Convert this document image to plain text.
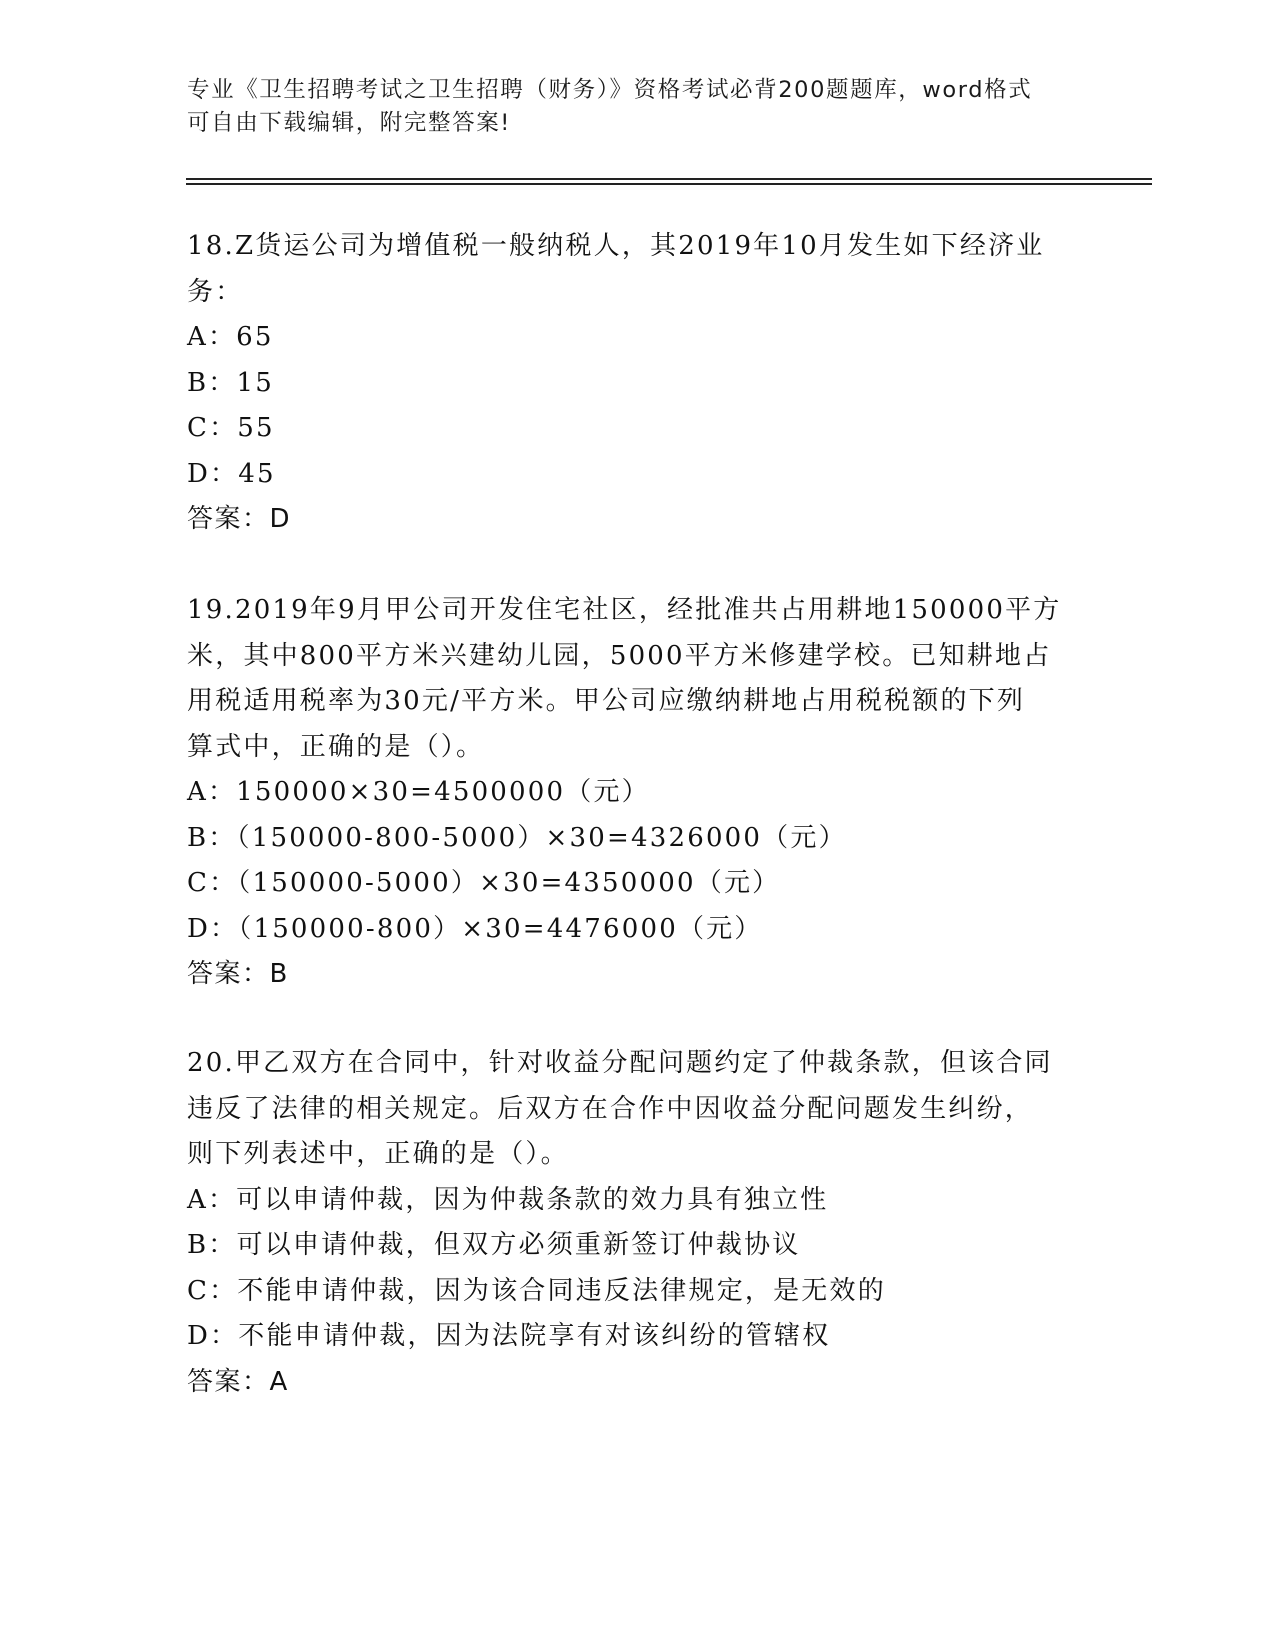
专业《卫生招聘考试之卫生招聘（财务）》资格考试必背200题题库，word格式
可自由下载编辑，附完整答案!
18.Z货运公司为增值税一般纳税人，其2019年10月发生如下经济业
务：
A：65
B：15
C：55
D：45
答案：D
19.2019年9月甲公司开发住宅社区，经批准共占用耕地150000平方
米，其中800平方米兴建幼儿园，5000平方米修建学校。已知耕地占
用税适用税率为30元/平方米。甲公司应缴纳耕地占用税税额的下列
算式中，正确的是（）。
A：150000×30=4500000（元）
B：（150000-800-5000）×30=4326000（元）
C：（150000-5000）×30=4350000（元）
D：（150000-800）×30=4476000（元）
答案：B
20.甲乙双方在合同中，针对收益分配问题约定了仲裁条款，但该合同
违反了法律的相关规定。后双方在合作中因收益分配问题发生纠纷，
则下列表述中，正确的是（）。
A：可以申请仲裁，因为仲裁条款的效力具有独立性
B：可以申请仲裁，但双方必须重新签订仲裁协议
C：不能申请仲裁，因为该合同违反法律规定，是无效的
D：不能申请仲裁，因为法院享有对该纠纷的管辖权
答案：A
